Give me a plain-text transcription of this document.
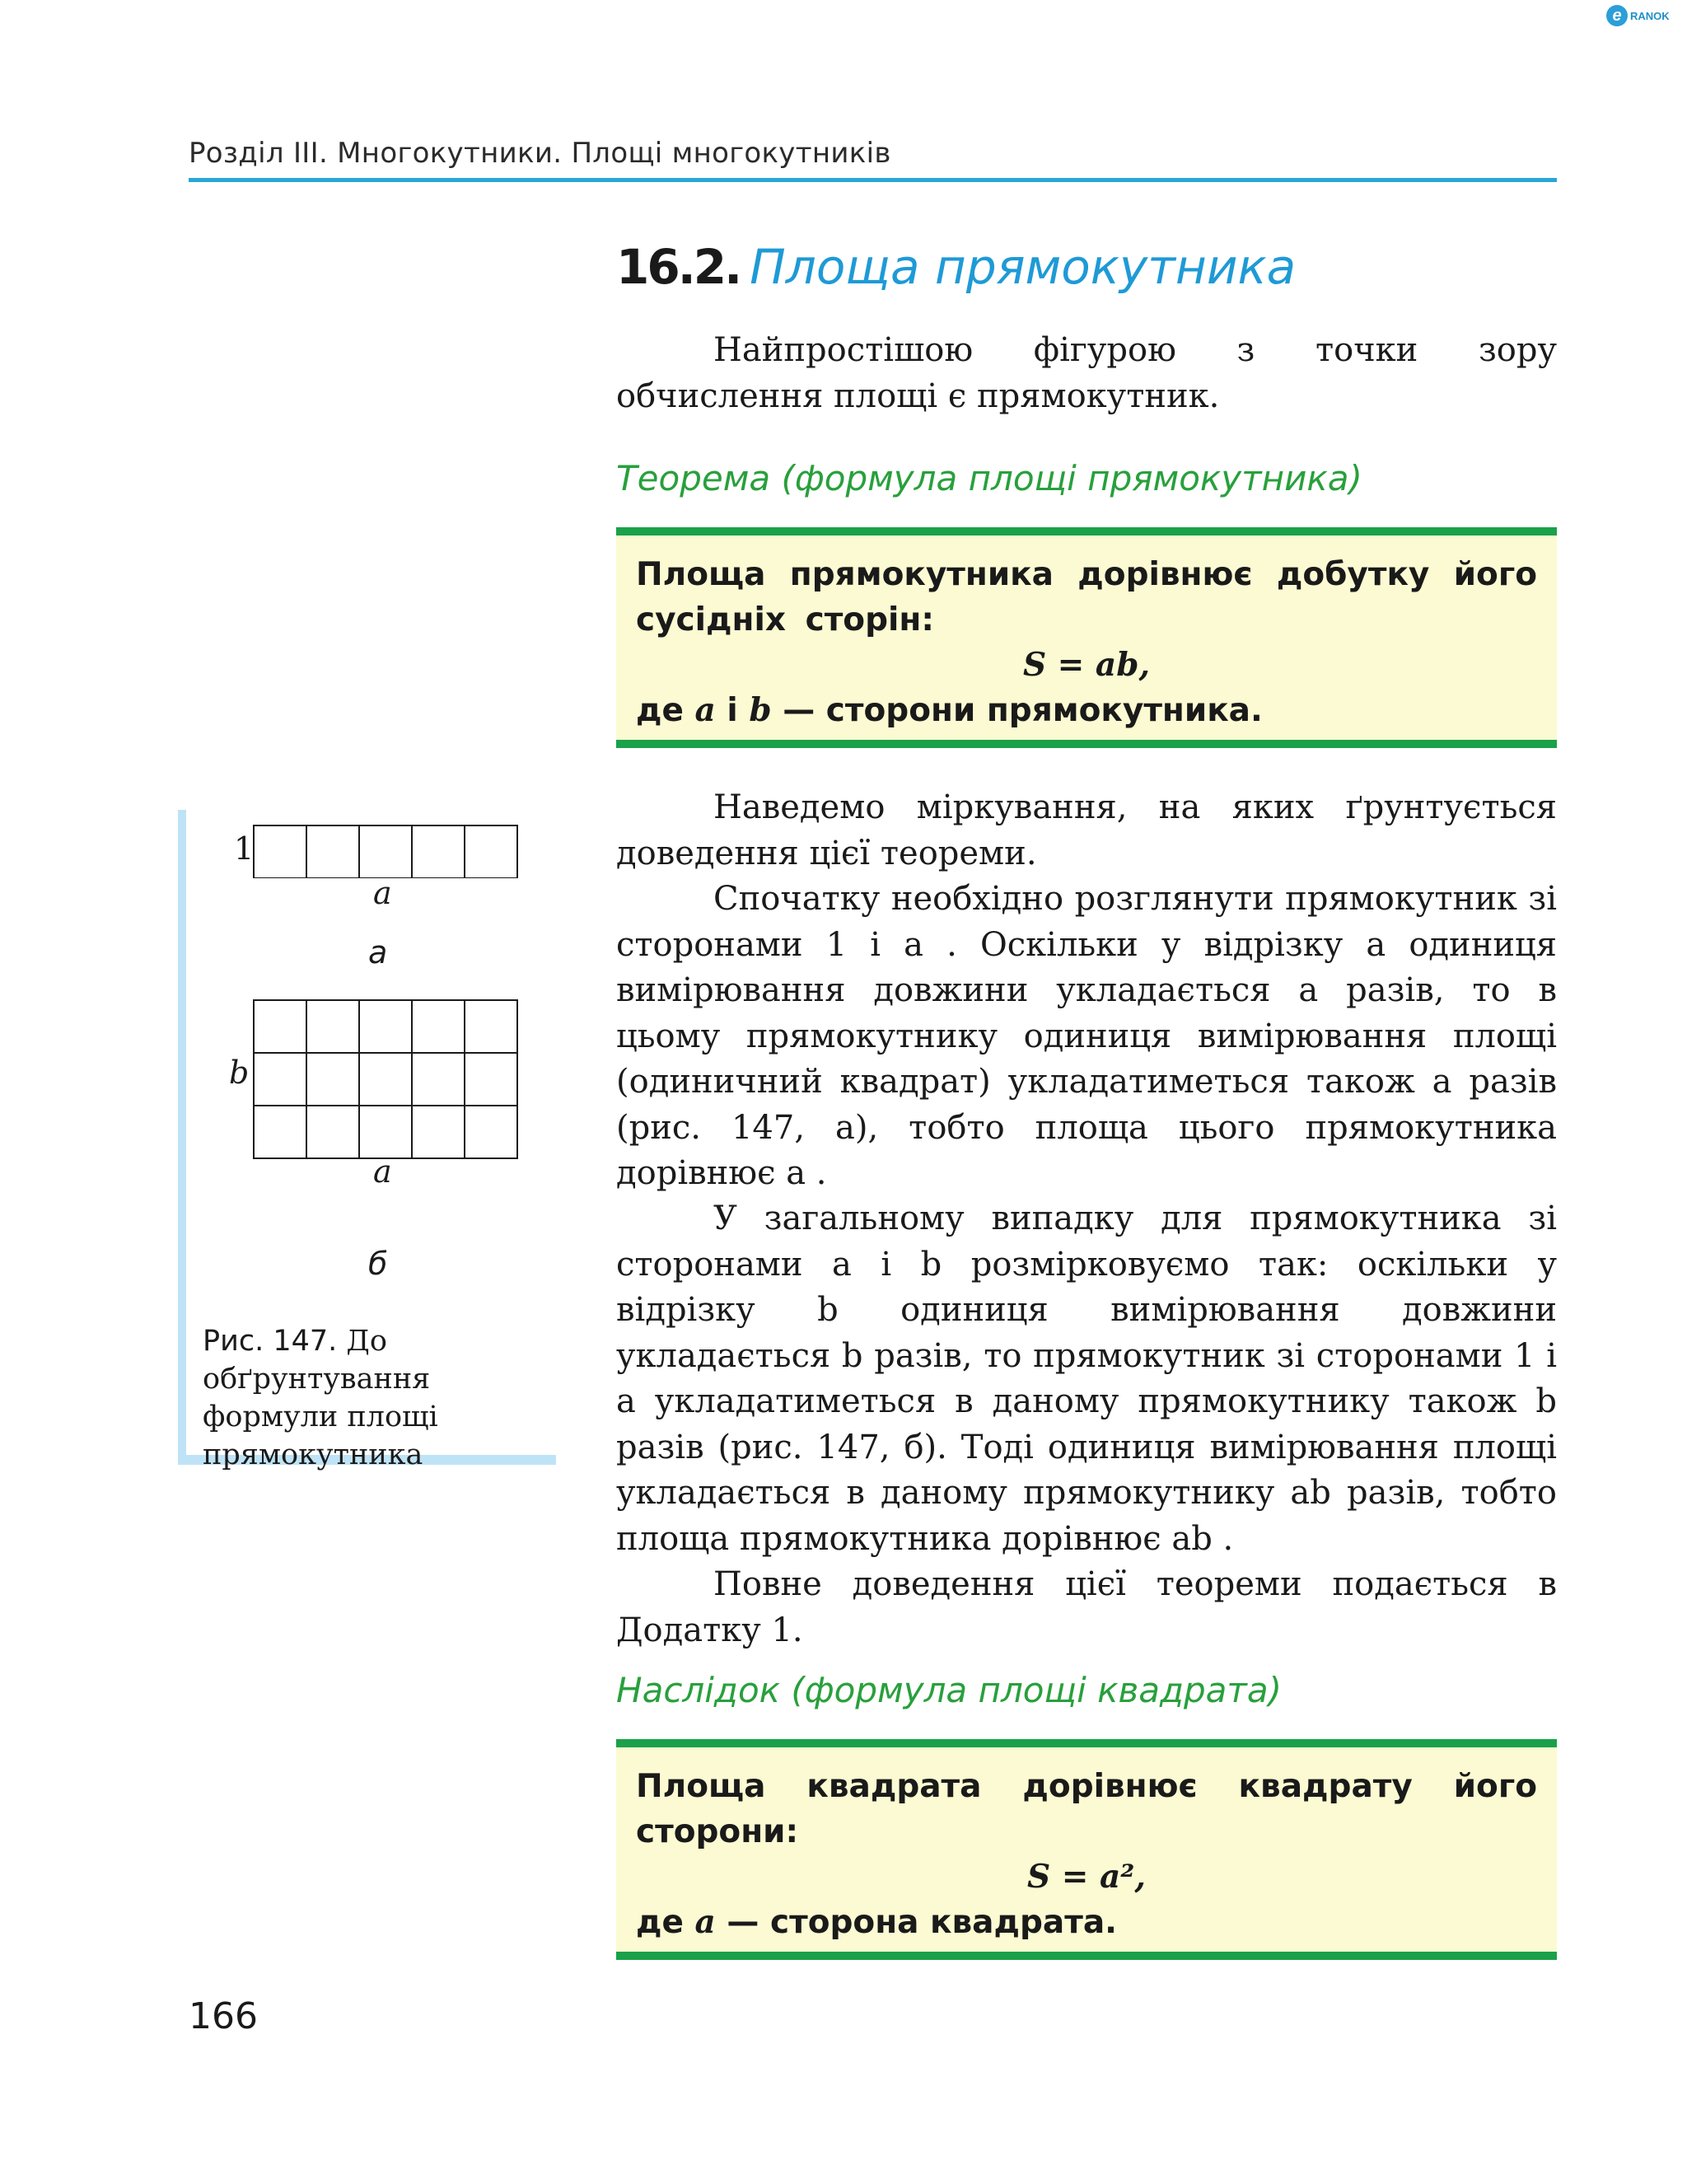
e RANOK
Розділ ІІІ. Многокутники. Площі многокутників
16.2. Площа прямокутника

Найпростішою фігурою з точки зору обчислення площі є прямокутник.

Теорема (формула площі прямокутника)
Площа прямокутника дорівнює добутку його сусідніх сторін:
S = ab,
де a і b — сторони прямокутника.

Наведемо міркування, на яких ґрунтується доведення цієї теореми.

Спочатку необхідно розглянути прямокутник зі сторонами 1 і a . Оскільки у відрізку a одиниця вимірювання довжини укладається a разів, то в цьому прямокутнику одиниця вимірювання площі (одиничний квадрат) укладатиметься також a разів (рис. 147, а), тобто площа цього прямокутника дорівнює a .

У загальному випадку для прямокутника зі сторонами a і b розмірковуємо так: оскільки у відрізку b одиниця вимірювання довжини укладається b разів, то прямокутник зі сторонами 1 і a укладатиметься в даному прямокутнику також b разів (рис. 147, б). Тоді одиниця вимірювання площі укладається в даному прямокутнику ab разів, тобто площа прямокутника дорівнює ab .

Повне доведення цієї теореми подається в Додатку 1.

Наслідок (формула площі квадрата)
Площа квадрата дорівнює квадрату його сторони:
S = a²,
де a — сторона квадрата.
1
a
а
b
a
б
Рис. 147. До обґрунтування формули площі прямокутника
166
